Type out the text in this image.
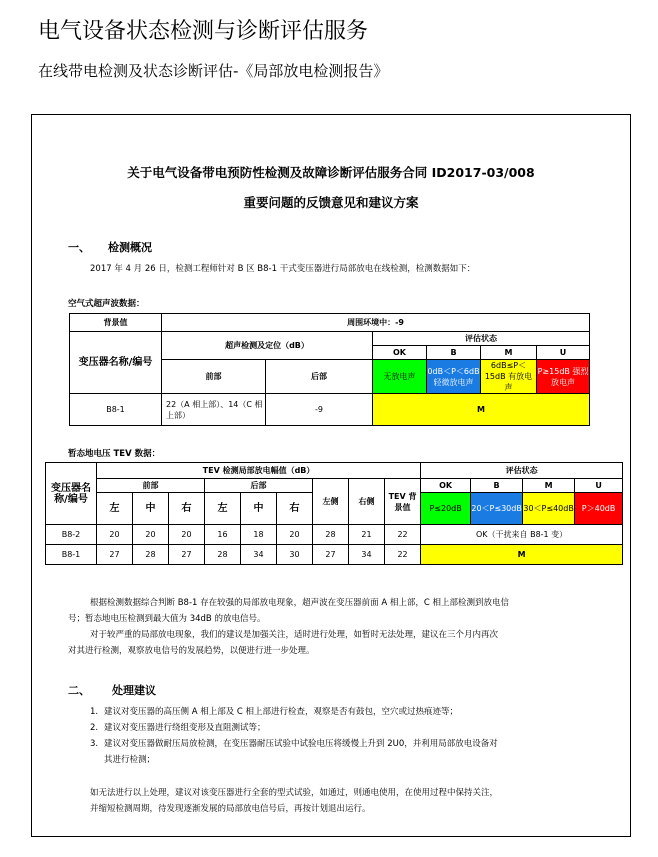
电气设备状态检测与诊断评估服务
在线带电检测及状态诊断评估-《局部放电检测报告》
关于电气设备带电预防性检测及故障诊断评估服务合同 ID2017-03/008
重要问题的反馈意见和建议方案
一、 检测概况
2017 年 4 月 26 日，检测工程师针对 B 区 B8-1 干式变压器进行局部放电在线检测，检测数据如下：
空气式超声波数据：
背景值	周围环境中：-9					
变压器名称/编号	超声检测及定位（dB）		评估状态			
			OK	B	M	U
	前部	后部	无放电声	0dB＜P＜6dB 轻微放电声	6dB≤P＜15dB 有放电声	P≥15dB 强烈放电声
B8-1	22（A 相上部）、14（C 相上部）	-9	M			
暂态地电压 TEV 数据：
变压器名称/编号	TEV 检测局部放电幅值（dB）									评估状态			
	前部			后部			左侧	右侧	TEV 背景值	OK	B	M	U
	左	中	右	左	中	右				P≤20dB	20＜P≤30dB	30＜P≤40dB	P＞40dB
B8-2	20	20	20	16	18	20	28	21	22	OK（干扰来自 B8-1 变）			
B8-1	27	28	27	28	34	30	27	34	22	M			
根据检测数据综合判断 B8-1 存在较强的局部放电现象，超声波在变压器前面 A 相上部，C 相上部检测到放电信
号；暂态地电压检测到最大值为 34dB 的放电信号。
对于较严重的局部放电现象，我们的建议是加强关注，适时进行处理，如暂时无法处理，建议在三个月内再次
对其进行检测，观察放电信号的发展趋势，以便进行进一步处理。
二、 处理建议
1. 建议对变压器的高压侧 A 相上部及 C 相上部进行检查，观察是否有鼓包，空穴或过热痕迹等；
2. 建议对变压器进行绕组变形及直阻测试等；
3. 建议对变压器做耐压局放检测，在变压器耐压试验中试验电压将缓慢上升到 2U0，并利用局部放电设备对
其进行检测；
如无法进行以上处理，建议对该变压器进行全套的型式试验，如通过，则通电使用，在使用过程中保持关注，
并缩短检测周期，待发现逐渐发展的局部放电信号后，再按计划退出运行。
